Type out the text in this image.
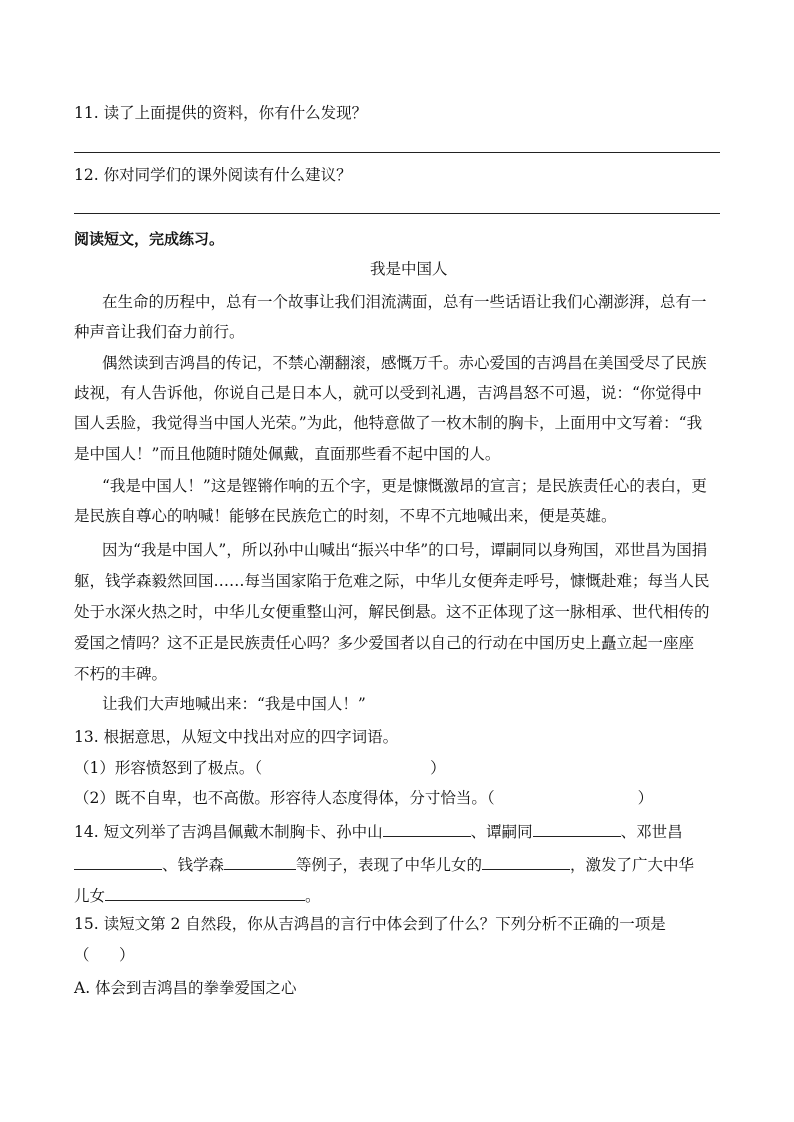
11. 读了上面提供的资料，你有什么发现？
12. 你对同学们的课外阅读有什么建议？
阅读短文，完成练习。
我是中国人
在生命的历程中，总有一个故事让我们泪流满面，总有一些话语让我们心潮澎湃，总有一
种声音让我们奋力前行。
偶然读到吉鸿昌的传记，不禁心潮翻滚，感慨万千。赤心爱国的吉鸿昌在美国受尽了民族
歧视，有人告诉他，你说自己是日本人，就可以受到礼遇，吉鸿昌怒不可遏，说：“你觉得中
国人丢脸，我觉得当中国人光荣。”为此，他特意做了一枚木制的胸卡，上面用中文写着：“我
是中国人！”而且他随时随处佩戴，直面那些看不起中国的人。
“我是中国人！”这是铿锵作响的五个字，更是慷慨激昂的宣言；是民族责任心的表白，更
是民族自尊心的呐喊！能够在民族危亡的时刻，不卑不亢地喊出来，便是英雄。
因为“我是中国人”，所以孙中山喊出“振兴中华”的口号，谭嗣同以身殉国，邓世昌为国捐
躯，钱学森毅然回国……每当国家陷于危难之际，中华儿女便奔走呼号，慷慨赴难；每当人民
处于水深火热之时，中华儿女便重整山河，解民倒悬。这不正体现了这一脉相承、世代相传的
爱国之情吗？这不正是民族责任心吗？多少爱国者以自己的行动在中国历史上矗立起一座座
不朽的丰碑。
让我们大声地喊出来：“我是中国人！”
13. 根据意思，从短文中找出对应的四字词语。
（1）形容愤怒到了极点。（	）
（2）既不自卑，也不高傲。形容待人态度得体，分寸恰当。（	）
14. 短文列举了吉鸿昌佩戴木制胸卡、孙中山	、谭嗣同	、邓世昌
、钱学森	等例子，表现了中华儿女的	，激发了广大中华
儿女	。
15. 读短文第 2 自然段，你从吉鸿昌的言行中体会到了什么？下列分析不正确的一项是
（      ）
A. 体会到吉鸿昌的拳拳爱国之心
